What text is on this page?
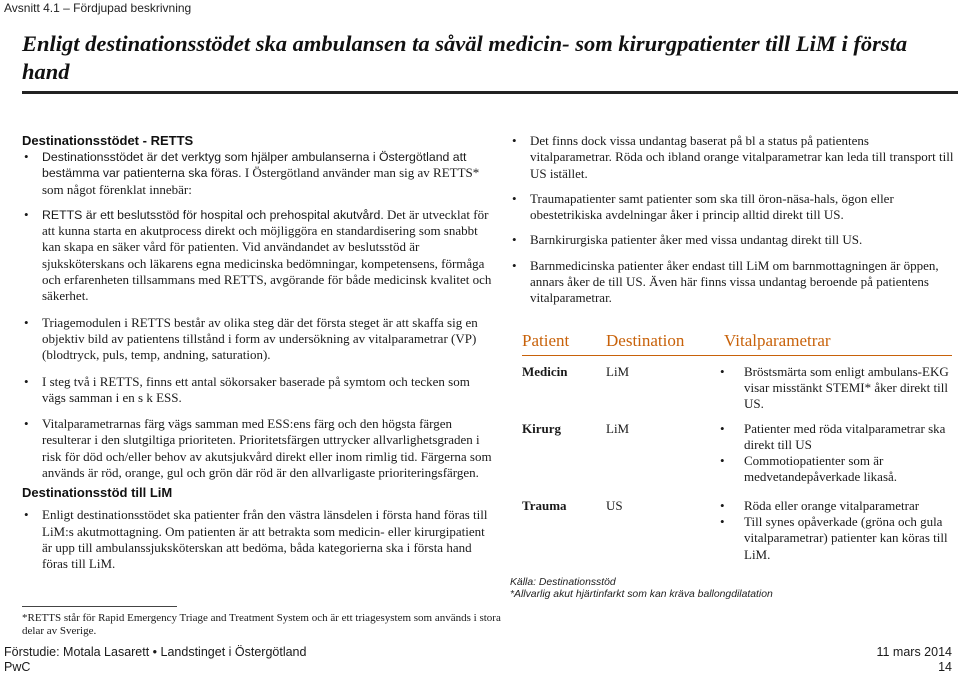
Avsnitt 4.1 – Fördjupad beskrivning
Enligt destinationsstödet ska ambulansen ta såväl medicin- som kirurgpatienter till LiM i första hand
Destinationsstödet - RETTS
• Destinationsstödet är det verktyg som hjälper ambulanserna i Östergötland att bestämma var patienterna ska föras. I Östergötland använder man sig av RETTS* som något förenklat innebär:
• RETTS är ett beslutsstöd för hospital och prehospital akutvård. Det är utvecklat för att kunna starta en akutprocess direkt och möjliggöra en standardisering som snabbt kan skapa en säker vård för patienten. Vid användandet av beslutsstöd är sjuksköterskans och läkarens egna medicinska bedömningar, kompetensens, förmåga och erfarenheten tillsammans med RETTS, avgörande för både medicinsk kvalitet och säkerhet.
• Triagemodulen i RETTS består av olika steg där det första steget är att skaffa sig en objektiv bild av patientens tillstånd i form av undersökning av vitalparametrar (VP) (blodtryck, puls, temp, andning, saturation).
• I steg två i RETTS, finns ett antal sökorsaker baserade på symtom och tecken som vägs samman i en s k ESS.
• Vitalparametrarnas färg vägs samman med ESS:ens färg och den högsta färgen resulterar i den slutgiltiga prioriteten. Prioritetsfärgen uttrycker allvarlighetsgraden i risk för död och/eller behov av akutsjukvård direkt eller inom rimlig tid. Färgerna som används är röd, orange, gul och grön där röd är den allvarligaste prioriteringsfärgen.
Destinationsstöd till LiM
• Enligt destinationsstödet ska patienter från den västra länsdelen i första hand föras till LiM:s akutmottagning. Om patienten är att betrakta som medicin- eller kirurgipatient är upp till ambulanssjuksköterskan att bedöma, båda kategorierna ska i första hand föras till LiM.
• Det finns dock vissa undantag baserat på bl a status på patientens vitalparametrar. Röda och ibland orange vitalparametrar kan leda till transport till US istället.
• Traumapatienter samt patienter som ska till öron-näsa-hals, ögon eller obestetrikiska avdelningar åker i princip alltid direkt till US.
• Barnkirurgiska patienter åker med vissa undantag direkt till US.
• Barnmedicinska patienter åker endast till LiM om barnmottagningen är öppen, annars åker de till US. Även här finns vissa undantag beroende på patientens vitalparametrar.
Patient	Destination	Vitalparametrar
Medicin	LiM	• Bröstsmärta som enligt ambulans-EKG visar misstänkt STEMI* åker direkt till US.
Kirurg	LiM	• Patienter med röda vitalparametrar ska direkt till US
• Commotiopatienter som är medvetandepåverkade likaså.
Trauma	US	• Röda eller orange vitalparametrar
• Till synes opåverkade (gröna och gula vitalparametrar) patienter kan köras till LiM.
Källa: Destinationsstöd
*Allvarlig akut hjärtinfarkt som kan kräva ballongdilatation
*RETTS står för Rapid Emergency Triage and Treatment System och är ett triagesystem som används i stora delar av Sverige.
Förstudie: Motala Lasarett • Landstinget i Östergötland
PwC
11 mars 2014
14
